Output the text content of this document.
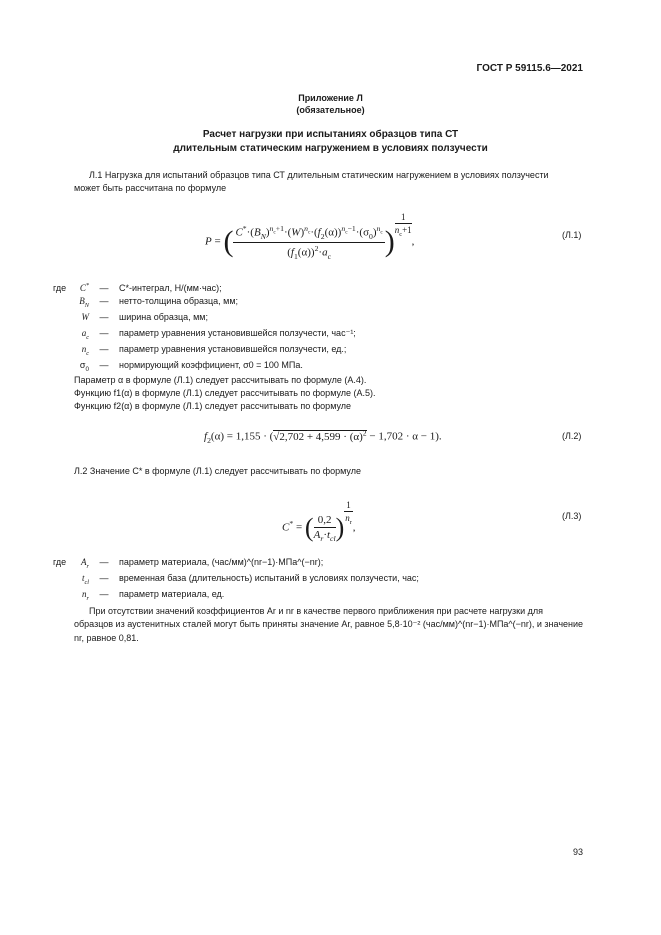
ГОСТ Р 59115.6—2021
Приложение Л
(обязательное)
Расчет нагрузки при испытаниях образцов типа СТ
длительным статическим нагружением в условиях ползучести
Л.1 Нагрузка для испытаний образцов типа СТ длительным статическим нагружением в условиях ползучести
может быть рассчитана по формуле
P = ( $\frac{C^*\cdot(B_N)^{n_c+1}\cdot(W)^{n_c}\cdot(f_2(\alpha))^{n_c-1}\cdot(\sigma_0)^{n_c}}{(f_1(\alpha))^2\cdot a_c}$ )
$^{\frac{1}{n_c+1}}$
,
(Л.1)
где C* — C*-интеграл, Н/(мм·час);
$B_N$ — нетто-толщина образца, мм;
W — ширина образца, мм;
$a_c$ — параметр уравнения установившейся ползучести, час⁻¹;
$n_c$ — параметр уравнения установившейся ползучести, ед.;
$\sigma_0$ — нормирующий коэффициент, σ0 = 100 МПа.
Параметр α в формуле (Л.1) следует рассчитывать по формуле (А.4).
Функцию f1(α) в формуле (Л.1) следует рассчитывать по формуле (А.5).
Функцию f2(α) в формуле (Л.1) следует рассчитывать по формуле
$f_2(\alpha) = 1,155 \cdot (√2,702 + 4,599 \cdot (\alpha)^2 - 1,702 \cdot \alpha - 1)$.	(Л.2)
Л.2 Значение C* в формуле (Л.1) следует рассчитывать по формуле
C* = ( $\frac{0,2}{A_r\cdot t_{cl}}$ )
$^{\frac{1}{n_r}}$
,
(Л.3)
где $A_r$ — параметр материала, (час/мм)^(nr−1)·МПа^(−nr);
$t_{cl}$ — временная база (длительность) испытаний в условиях ползучести, час;
$n_r$ — параметр материала, ед.
При отсутствии значений коэффициентов Ar и nr в качестве первого приближения при расчете нагрузки для
образцов из аустенитных сталей могут быть приняты значение Ar, равное 5,8·10⁻² (час/мм)^(nr−1)·МПа^(−nr), и значение
nr, равное 0,81.
93
